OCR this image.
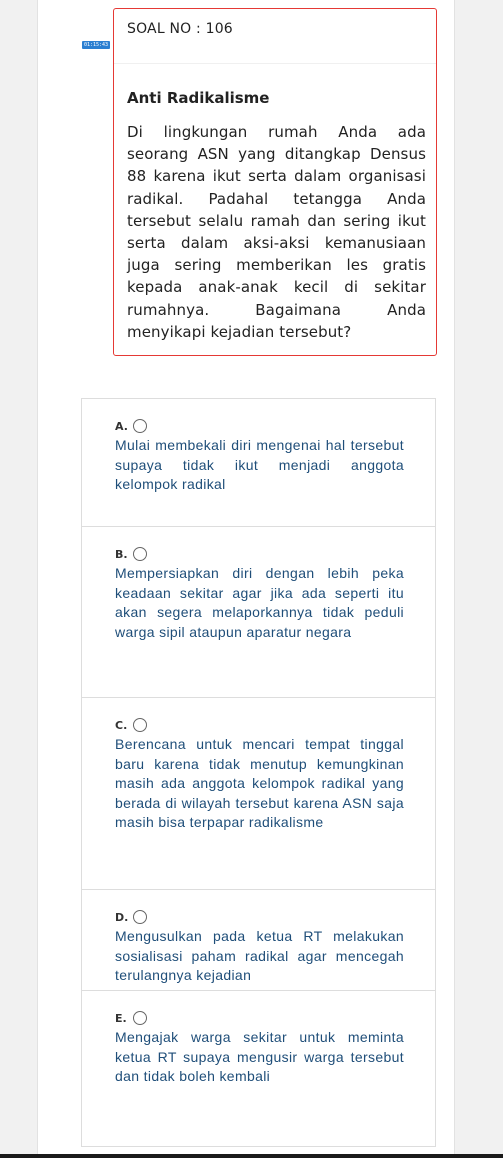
01:15:43
SOAL NO : 106
Anti Radikalisme
Di lingkungan rumah Anda ada seorang ASN yang ditangkap Densus 88 karena ikut serta dalam organisasi radikal. Padahal tetangga Anda tersebut selalu ramah dan sering ikut serta dalam aksi-aksi kemanusiaan juga sering memberikan les gratis kepada anak-anak kecil di sekitar rumahnya. Bagaimana Anda menyikapi kejadian tersebut?
A.
Mulai membekali diri mengenai hal tersebut supaya tidak ikut menjadi anggota kelompok radikal
B.
Mempersiapkan diri dengan lebih peka keadaan sekitar agar jika ada seperti itu akan segera melaporkannya tidak peduli warga sipil ataupun aparatur negara
C.
Berencana untuk mencari tempat tinggal baru karena tidak menutup kemungkinan masih ada anggota kelompok radikal yang berada di wilayah tersebut karena ASN saja masih bisa terpapar radikalisme
D.
Mengusulkan pada ketua RT melakukan sosialisasi paham radikal agar mencegah terulangnya kejadian
E.
Mengajak warga sekitar untuk meminta ketua RT supaya mengusir warga tersebut dan tidak boleh kembali
